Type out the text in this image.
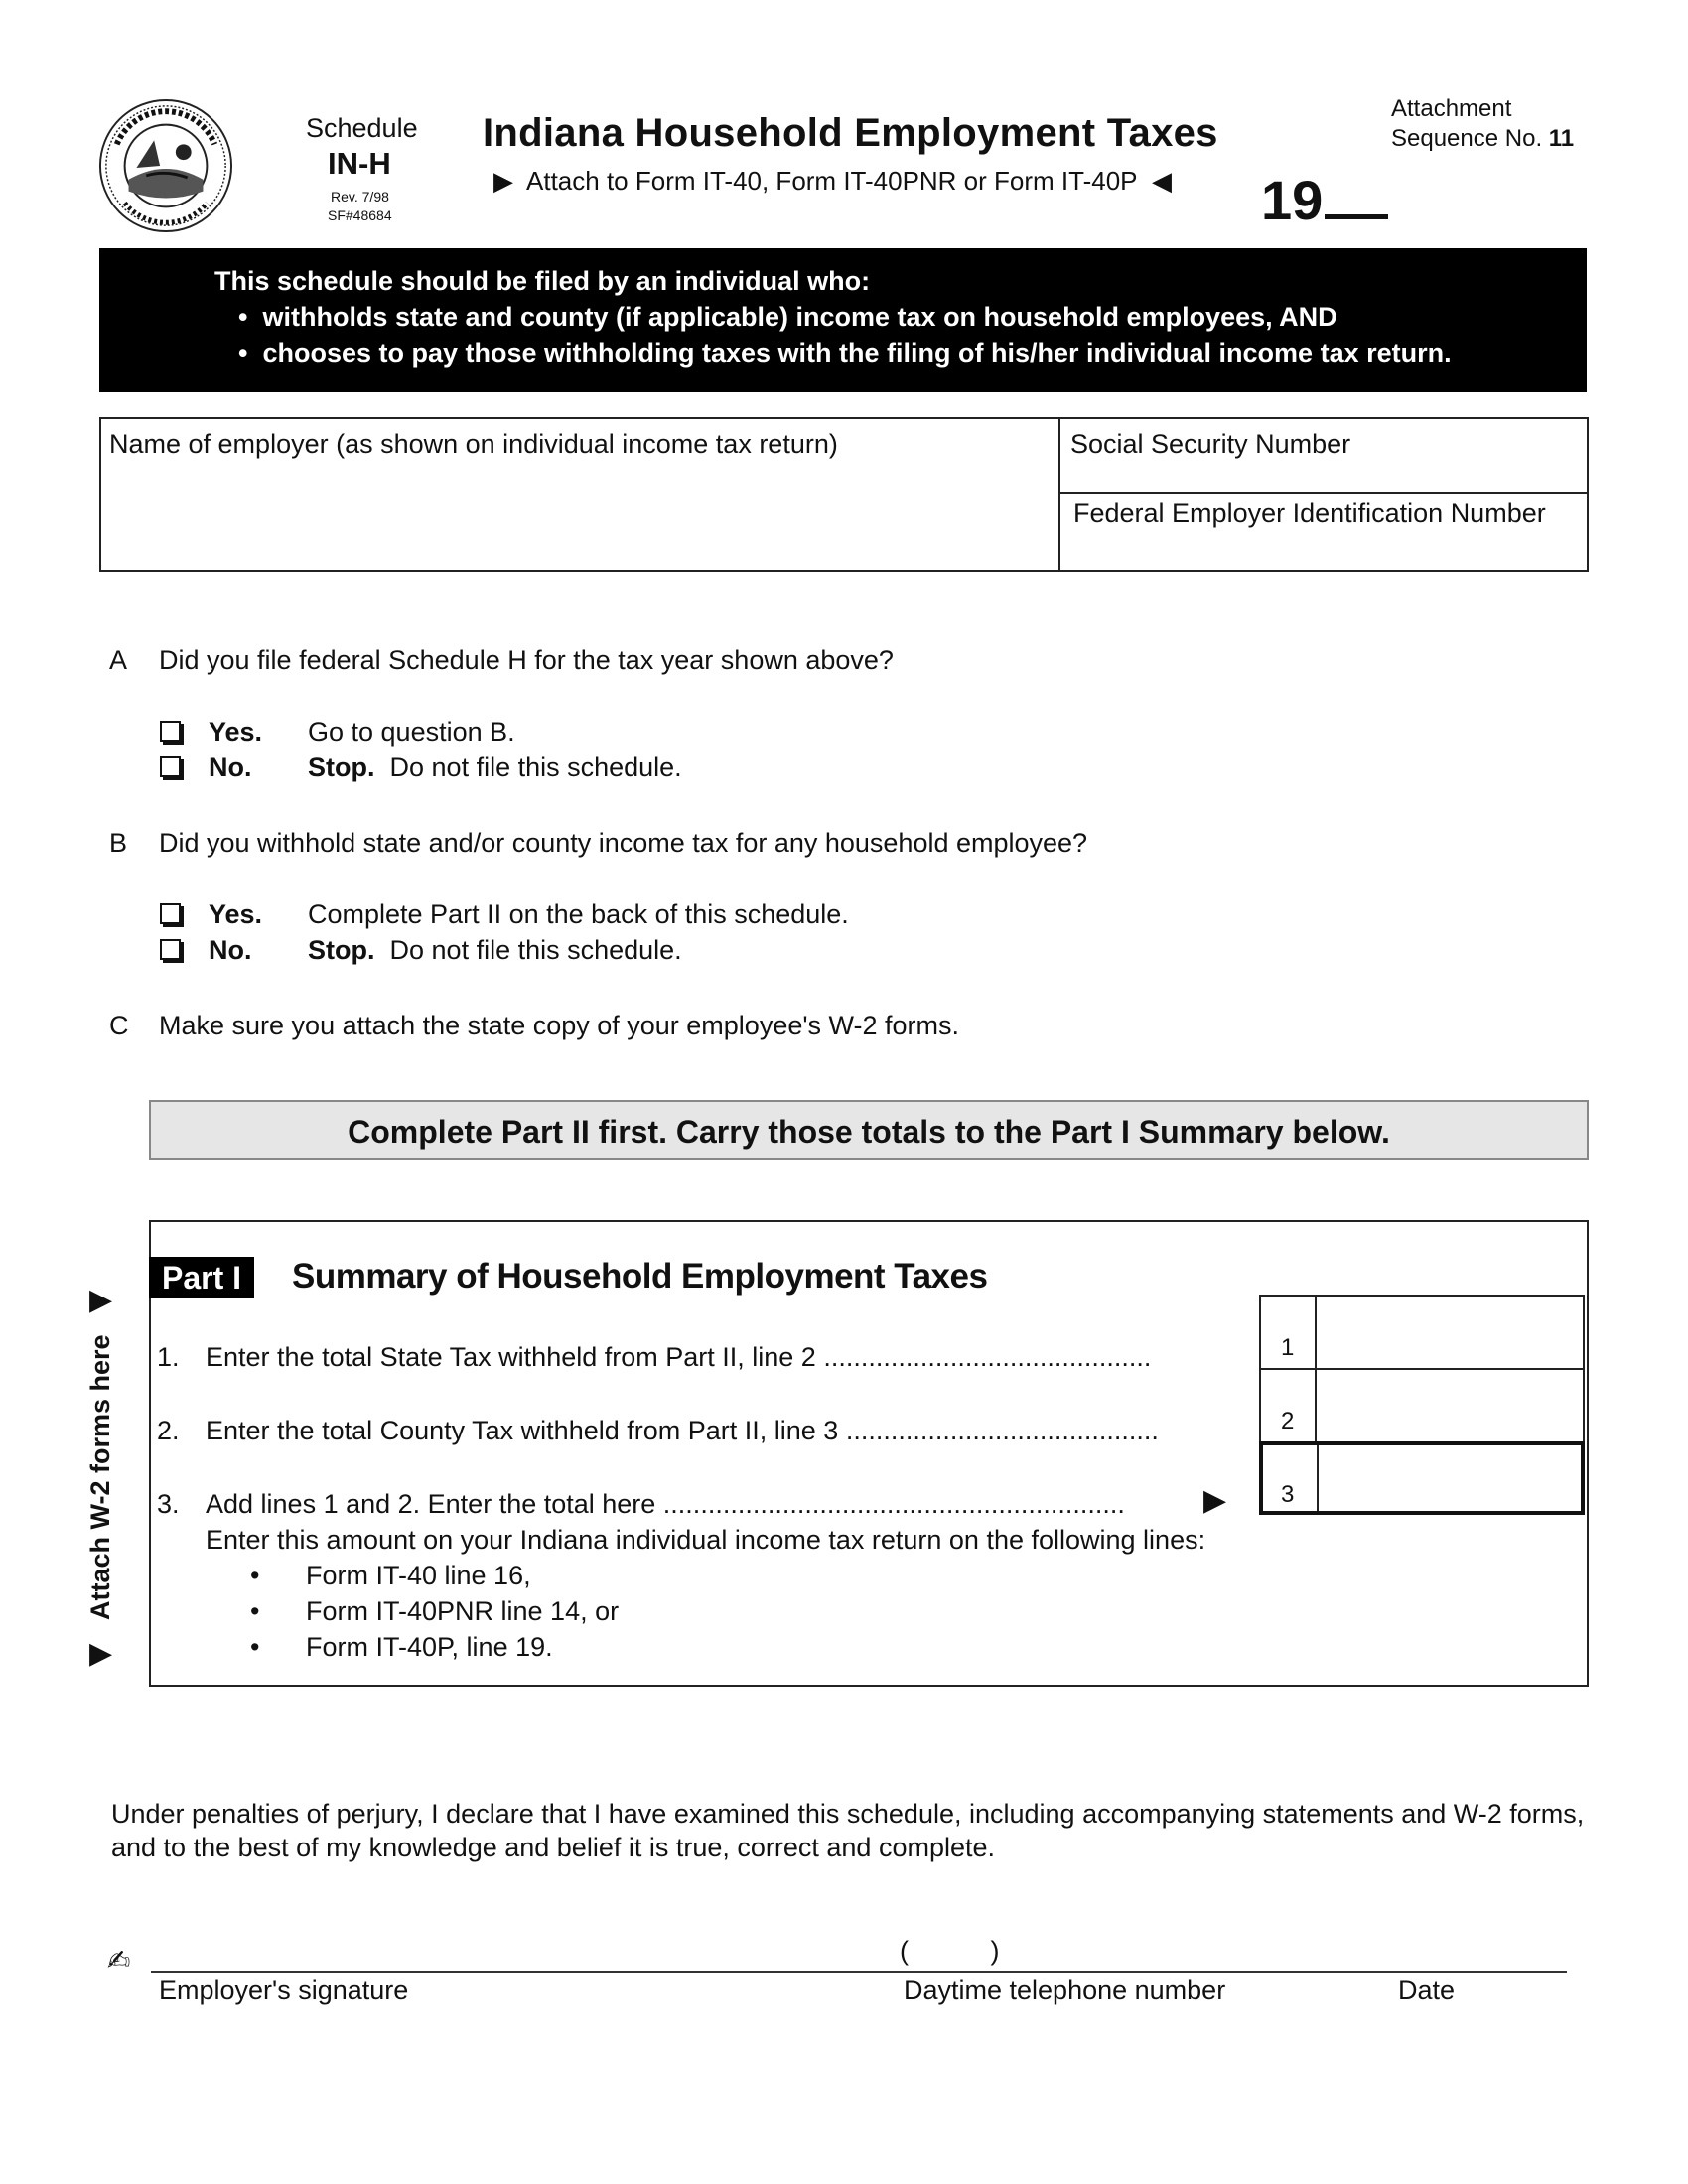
Schedule
IN-H
Rev. 7/98
SF#48684
Indiana Household Employment Taxes
▶ Attach to Form IT-40, Form IT-40PNR or Form IT-40P ◀
Attachment
Sequence No. 11
19
This schedule should be filed by an individual who:
•  withholds state and county (if applicable) income tax on household employees, AND
•  chooses to pay those withholding taxes with the filing of his/her individual income tax return.
Name of employer (as shown on individual income tax return)	Social Security Number
Federal Employer Identification Number
A Did you file federal Schedule H for the tax year shown above?
Yes. Go to question B.
No. Stop. Do not file this schedule.
B Did you withhold state and/or county income tax for any household employee?
Yes. Complete Part II on the back of this schedule.
No. Stop. Do not file this schedule.
C Make sure you attach the state copy of your employee's W-2 forms.
Complete Part II first. Carry those totals to the Part I Summary below.
▶
Attach W-2 forms here
▶
Part I	Summary of Household Employment Taxes
1
2
3
1. Enter the total State Tax withheld from Part II, line 2 ............................................
2. Enter the total County Tax withheld from Part II, line 3 ..........................................
3. Add lines 1 and 2. Enter the total here ..............................................................	▶
Enter this amount on your Indiana individual income tax return on the following lines:
• Form IT-40 line 16,
• Form IT-40PNR line 14, or
• Form IT-40P, line 19.
Under penalties of perjury, I declare that I have examined this schedule, including accompanying statements and W-2 forms,
and to the best of my knowledge and belief it is true, correct and complete.
✍
Employer's signature
(           )
Daytime telephone number	Date
